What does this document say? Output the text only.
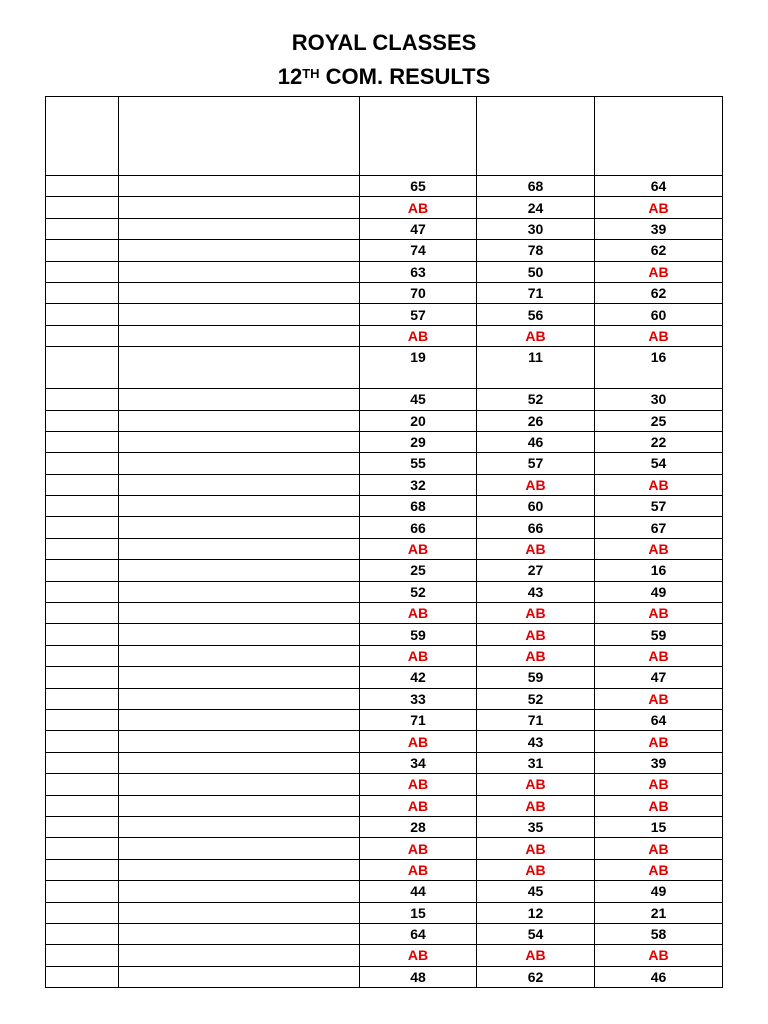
ROYAL CLASSES
12TH COM. RESULTS

		65	68	64
		AB	24	AB
		47	30	39
		74	78	62
		63	50	AB
		70	71	62
		57	56	60
		AB	AB	AB
		19	11	16
		45	52	30
		20	26	25
		29	46	22
		55	57	54
		32	AB	AB
		68	60	57
		66	66	67
		AB	AB	AB
		25	27	16
		52	43	49
		AB	AB	AB
		59	AB	59
		AB	AB	AB
		42	59	47
		33	52	AB
		71	71	64
		AB	43	AB
		34	31	39
		AB	AB	AB
		AB	AB	AB
		28	35	15
		AB	AB	AB
		AB	AB	AB
		44	45	49
		15	12	21
		64	54	58
		AB	AB	AB
		48	62	46
